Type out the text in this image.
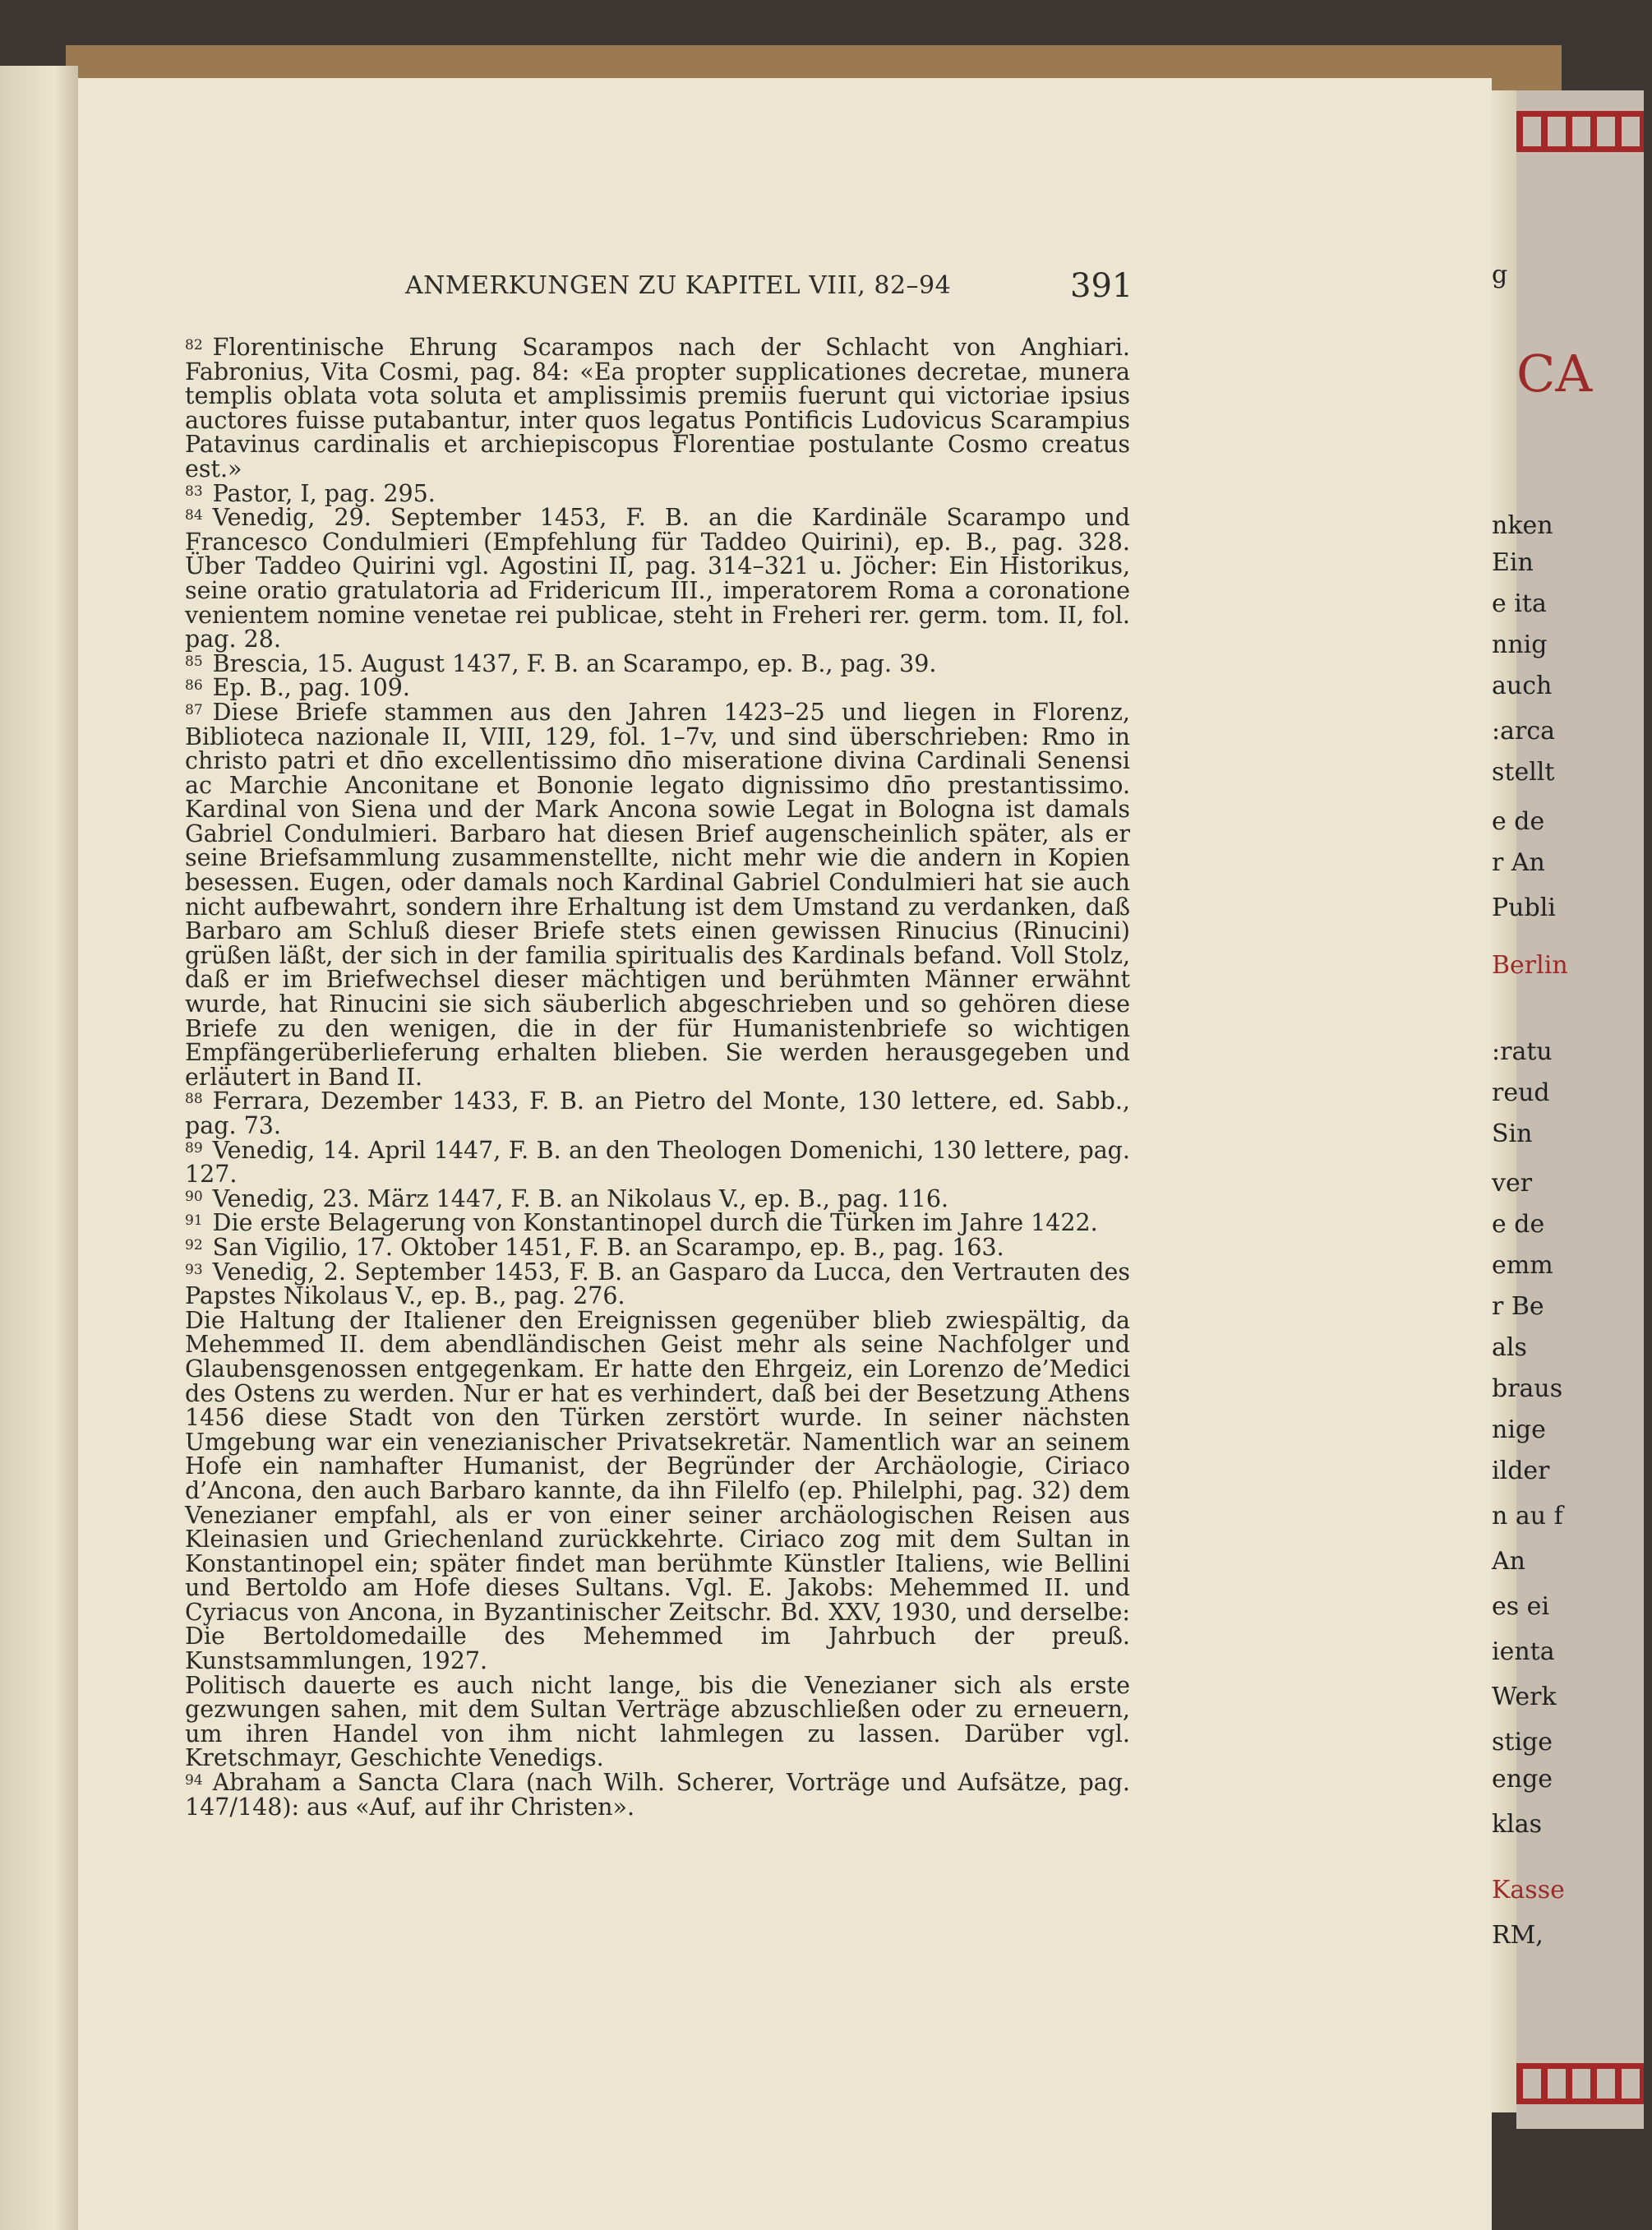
CA
g
nken
Ein
e ita
nnig
auch
:arca
stellt
e de
r An
Publi
Berlin
:ratu
reud
Sin
ver
e de
emm
r Be
als
braus
nige
ilder
n au f
An
es ei
ienta
Werk
stige
enge
klas
Kasse
RM,
ANMERKUNGEN ZU KAPITEL VIII, 82–94	391

$^{82}$ Florentinische Ehrung Scarampos nach der Schlacht von Anghiari. Fabronius, Vita Cosmi, pag. 84: «Ea propter supplicationes decretae, munera templis oblata vota soluta et amplissimis premiis fuerunt qui victoriae ipsius auctores fuisse putabantur, inter quos legatus Pontificis Ludovicus Scarampius Patavinus cardinalis et archiepiscopus Florentiae postulante Cosmo creatus est.»

$^{83}$ Pastor, I, pag. 295.

$^{84}$ Venedig, 29. September 1453, F. B. an die Kardinäle Scarampo und Francesco Condulmieri (Empfehlung für Taddeo Quirini), ep. B., pag. 328. Über Taddeo Quirini vgl. Agostini II, pag. 314–321 u. Jöcher: Ein Historikus, seine oratio gratulatoria ad Fridericum III., imperatorem Roma a coronatione venientem nomine venetae rei publicae, steht in Freheri rer. germ. tom. II, fol. pag. 28.

$^{85}$ Brescia, 15. August 1437, F. B. an Scarampo, ep. B., pag. 39.

$^{86}$ Ep. B., pag. 109.

$^{87}$ Diese Briefe stammen aus den Jahren 1423–25 und liegen in Florenz, Biblioteca nazionale II, VIII, 129, fol. 1–7v, und sind überschrieben: Rmo in christo patri et dn̄o excellentissimo dn̄o miseratione divina Cardinali Senensi ac Marchie Anconitane et Bononie legato dignissimo dn̄o prestantissimo. Kardinal von Siena und der Mark Ancona sowie Legat in Bologna ist damals Gabriel Condulmieri. Barbaro hat diesen Brief augenscheinlich später, als er seine Briefsammlung zusammenstellte, nicht mehr wie die andern in Kopien besessen. Eugen, oder damals noch Kardinal Gabriel Condulmieri hat sie auch nicht aufbewahrt, sondern ihre Erhaltung ist dem Umstand zu verdanken, daß Barbaro am Schluß dieser Briefe stets einen gewissen Rinucius (Rinucini) grüßen läßt, der sich in der familia spiritualis des Kardinals befand. Voll Stolz, daß er im Briefwechsel dieser mächtigen und berühmten Männer erwähnt wurde, hat Rinucini sie sich säuberlich abgeschrieben und so gehören diese Briefe zu den wenigen, die in der für Humanistenbriefe so wichtigen Empfängerüberlieferung erhalten blieben. Sie werden herausgegeben und erläutert in Band II.

$^{88}$ Ferrara, Dezember 1433, F. B. an Pietro del Monte, 130 lettere, ed. Sabb., pag. 73.

$^{89}$ Venedig, 14. April 1447, F. B. an den Theologen Domenichi, 130 lettere, pag. 127.

$^{90}$ Venedig, 23. März 1447, F. B. an Nikolaus V., ep. B., pag. 116.

$^{91}$ Die erste Belagerung von Konstantinopel durch die Türken im Jahre 1422.

$^{92}$ San Vigilio, 17. Oktober 1451, F. B. an Scarampo, ep. B., pag. 163.

$^{93}$ Venedig, 2. September 1453, F. B. an Gasparo da Lucca, den Vertrauten des Papstes Nikolaus V., ep. B., pag. 276.

Die Haltung der Italiener den Ereignissen gegenüber blieb zwiespältig, da Mehemmed II. dem abendländischen Geist mehr als seine Nachfolger und Glaubensgenossen entgegenkam. Er hatte den Ehrgeiz, ein Lorenzo de’Medici des Ostens zu werden. Nur er hat es verhindert, daß bei der Besetzung Athens 1456 diese Stadt von den Türken zerstört wurde. In seiner nächsten Umgebung war ein venezianischer Privatsekretär. Namentlich war an seinem Hofe ein namhafter Humanist, der Begründer der Archäologie, Ciriaco d’Ancona, den auch Barbaro kannte, da ihn Filelfo (ep. Philelphi, pag. 32) dem Venezianer empfahl, als er von einer seiner archäologischen Reisen aus Kleinasien und Griechenland zurückkehrte. Ciriaco zog mit dem Sultan in Konstantinopel ein; später findet man berühmte Künstler Italiens, wie Bellini und Bertoldo am Hofe dieses Sultans. Vgl. E. Jakobs: Mehemmed II. und Cyriacus von Ancona, in Byzantinischer Zeitschr. Bd. XXV, 1930, und derselbe: Die Bertoldomedaille des Mehemmed im Jahrbuch der preuß. Kunstsammlungen, 1927.

Politisch dauerte es auch nicht lange, bis die Venezianer sich als erste gezwungen sahen, mit dem Sultan Verträge abzuschließen oder zu erneuern, um ihren Handel von ihm nicht lahmlegen zu lassen. Darüber vgl. Kretschmayr, Geschichte Venedigs.

$^{94}$ Abraham a Sancta Clara (nach Wilh. Scherer, Vorträge und Aufsätze, pag. 147/148): aus «Auf, auf ihr Christen».
